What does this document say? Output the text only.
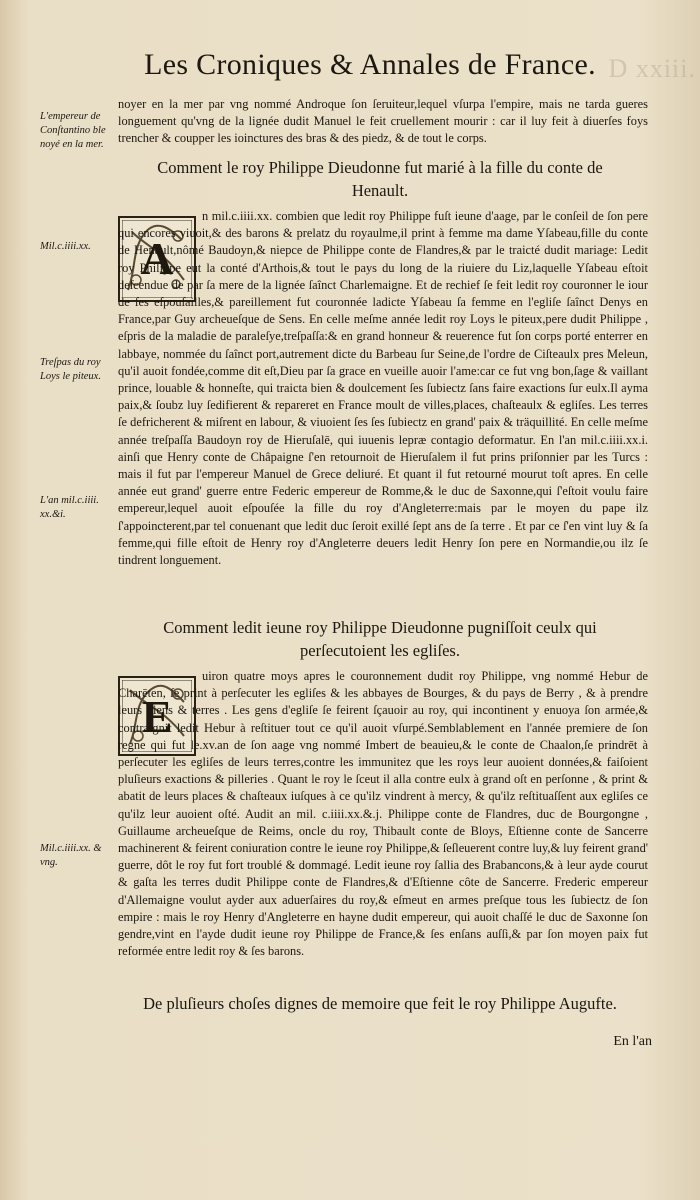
D xxiii.
Les Croniques & Annales de France.
L'empereur de Conſtantino ble noyé en la mer.
Mil.c.iiii.xx.
Treſpas du roy Loys le piteux.
L'an mil.c.iiii. xx.&i.
Mil.c.iiii.xx. & vng.
noyer en la mer par vng nommé Androque ſon ſeruiteur,lequel vſurpa l'empire, mais ne tarda gueres longuement qu'vng de la lignée dudit Manuel le feit cruellement mourir : car il luy feit à diuerſes foys trencher & coupper les ioinctures des bras & des piedz, & de tout le corps.
Comment le roy Philippe Dieudonne fut marié à la fille du conte de Henault.
A
n mil.c.iiii.xx. combien que ledit roy Philippe fuſt ieune d'aage, par le conſeil de ſon pere qui encores viuoit,& des barons & prelatz du royaulme,il print à femme ma dame Yſabeau,fille du conte de Henault,nômé Baudoyn,& niepce de Philippe conte de Flandres,& par le traicté dudit mariage: Ledit roy Philippe eut la conté d'Arthois,& tout le pays du long de la riuiere du Liz,laquelle Yſabeau eſtoit deſcendue de par ſa mere de la lignée ſaînct Charlemaigne. Et de rechief ſe feit ledit roy couronner le iour de ſes eſpouſailles,& pareillement fut couronnée ladicte Yſabeau ſa femme en l'egliſe ſaînct Denys en France,par Guy archeueſque de Sens. En celle meſme année ledit roy Loys le piteux,pere dudit Philippe , eſpris de la maladie de paraleſye,treſpaſſa:& en grand honneur & reuerence fut ſon corps porté enterrer en labbaye, nommée du ſaînct port,autrement dicte du Barbeau ſur Seine,de l'ordre de Ciſteaulx pres Meleun, qu'il auoit fondée,comme dit eſt,Dieu par ſa grace en vueille auoir l'ame:car ce fut vng bon,ſage & vaillant prince, louable & honneſte, qui traicta bien & doulcement ſes ſubiectz ſans faire exactions ſur eulx.Il ayma paix,& ſoubz luy ſedifierent & repareret en France moult de villes,places, chaſteaulx & egliſes. Les terres ſe defricherent & miſrent en labour, & viuoient ſes ſes ſubiectz en grand' paix & träquillité. En celle meſme année treſpaſſa Baudoyn roy de Hieruſalē, qui iuuenis lepræ contagio deformatur. En l'an mil.c.iiii.xx.i. ainſi que Henry conte de Châpaigne ſ'en retournoit de Hieruſalem il fut prins priſonnier par les Turcs : mais il fut par l'empereur Manuel de Grece deliuré. Et quant il fut retourné mourut toſt apres. En celle année eut grand' guerre entre Federic empereur de Romme,& le duc de Saxonne,qui ſ'eſtoit voulu faire empereur,lequel auoit eſpouſée la fille du roy d'Angleterre:mais par le moyen du pape ilz ſ'appoincterent,par tel conuenant que ledit duc ſeroit exillé ſept ans de ſa terre . Et par ce ſ'en vint luy & ſa femme,qui fille eſtoit de Henry roy d'Angleterre deuers ledit Henry ſon pere en Normandie,ou ilz ſe tindrent longuement.
Comment ledit ieune roy Philippe Dieudonne pugniſſoit ceulx qui perſecutoient les egliſes.
E
uiron quatre moys apres le couronnement dudit roy Philippe, vng nommé Hebur de Charēten, ſe print à perſecuter les egliſes & les abbayes de Bourges, & du pays de Berry , & à prendre leurs biens & terres . Les gens d'egliſe ſe feirent ſçauoir au roy, qui incontinent y enuoya ſon armée,& contraignit ledit Hebur à reſtituer tout ce qu'il auoit vſurpé.Semblablement en l'année premiere de ſon regne qui fut le.xv.an de ſon aage vng nommé Imbert de beauieu,& le conte de Chaalon,ſe prindrēt à perſecuter les egliſes de leurs terres,contre les immunitez que les roys leur auoient données,& faiſoient pluſieurs exactions & pilleries . Quant le roy le ſceut il alla contre eulx à grand oſt en perſonne , & print & abatit de leurs places & chaſteaux iuſques à ce qu'ilz vindrent à mercy, & qu'ilz reſtituaſſent aux egliſes ce qu'ilz leur auoient oſté. Audit an mil. c.iiii.xx.&.j. Philippe conte de Flandres, duc de Bourgongne , Guillaume archeueſque de Reims, oncle du roy, Thibault conte de Bloys, Eſtienne conte de Sancerre machinerent & feirent coniuration contre le ieune roy Philippe,& ſeſleuerent contre luy,& luy feirent grand' guerre, dôt le roy fut fort troublé & dommagé. Ledit ieune roy ſallia des Brabancons,& à leur ayde courut & gaſta les terres dudit Philippe conte de Flandres,& d'Eſtienne côte de Sancerre. Frederic empereur d'Allemaigne voulut ayder aux aduerſaires du roy,& eſmeut en armes preſque tous les ſubiectz de ſon empire : mais le roy Henry d'Angleterre en hayne dudit empereur, qui auoit chaſſé le duc de Saxonne ſon gendre,vint en l'ayde dudit ieune roy Philippe de France,& ſes enſans auſſi,& par ſon moyen paix fut reformée entre ledit roy & ſes barons.
De pluſieurs choſes dignes de memoire que feit le roy Philippe Augufte.
En l'an
